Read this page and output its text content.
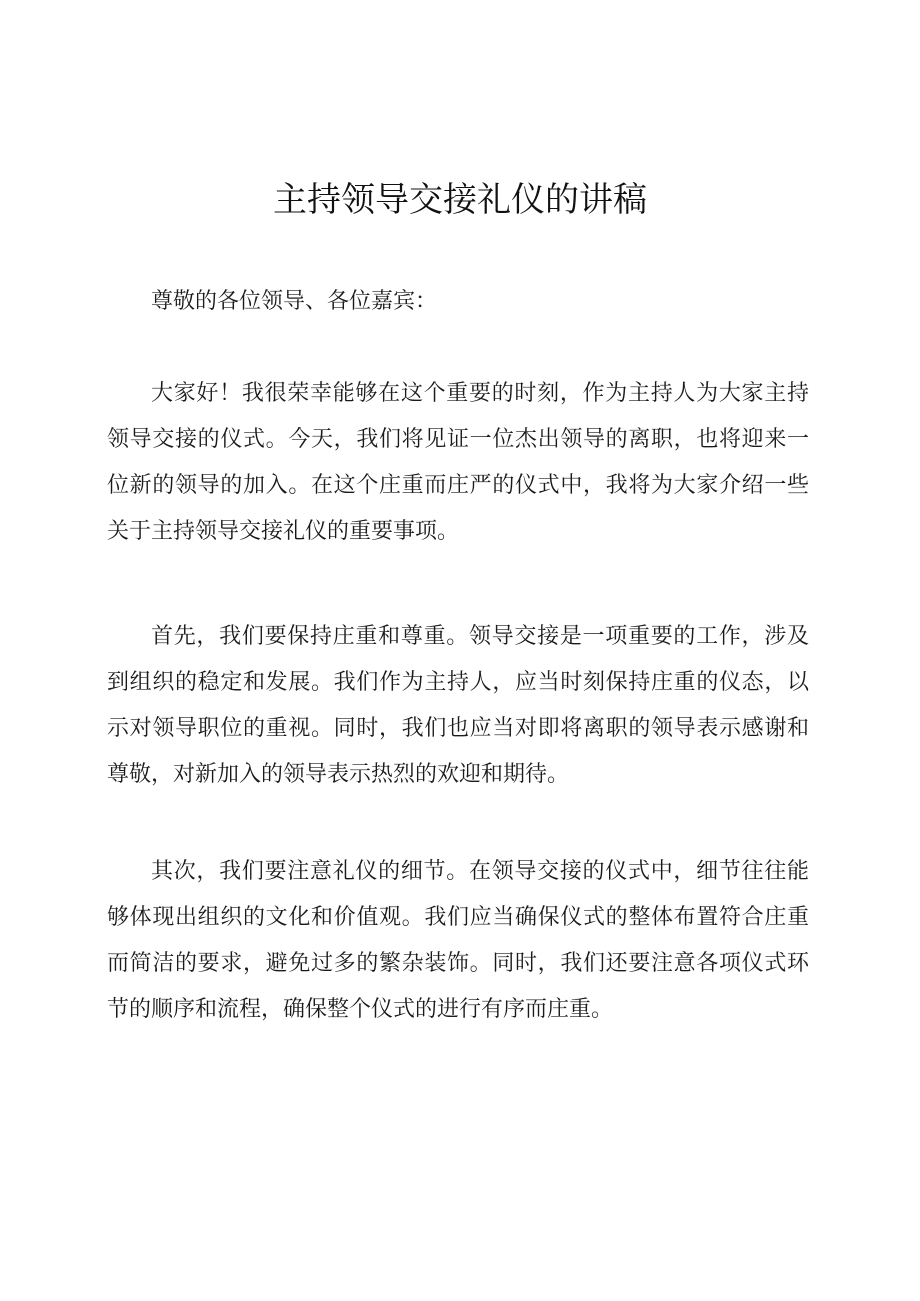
主持领导交接礼仪的讲稿

尊敬的各位领导、各位嘉宾：

大家好！我很荣幸能够在这个重要的时刻，作为主持人为大家主持领导交接的仪式。今天，我们将见证一位杰出领导的离职，也将迎来一位新的领导的加入。在这个庄重而庄严的仪式中，我将为大家介绍一些关于主持领导交接礼仪的重要事项。

首先，我们要保持庄重和尊重。领导交接是一项重要的工作，涉及到组织的稳定和发展。我们作为主持人，应当时刻保持庄重的仪态，以示对领导职位的重视。同时，我们也应当对即将离职的领导表示感谢和尊敬，对新加入的领导表示热烈的欢迎和期待。

其次，我们要注意礼仪的细节。在领导交接的仪式中，细节往往能够体现出组织的文化和价值观。我们应当确保仪式的整体布置符合庄重而简洁的要求，避免过多的繁杂装饰。同时，我们还要注意各项仪式环节的顺序和流程，确保整个仪式的进行有序而庄重。
